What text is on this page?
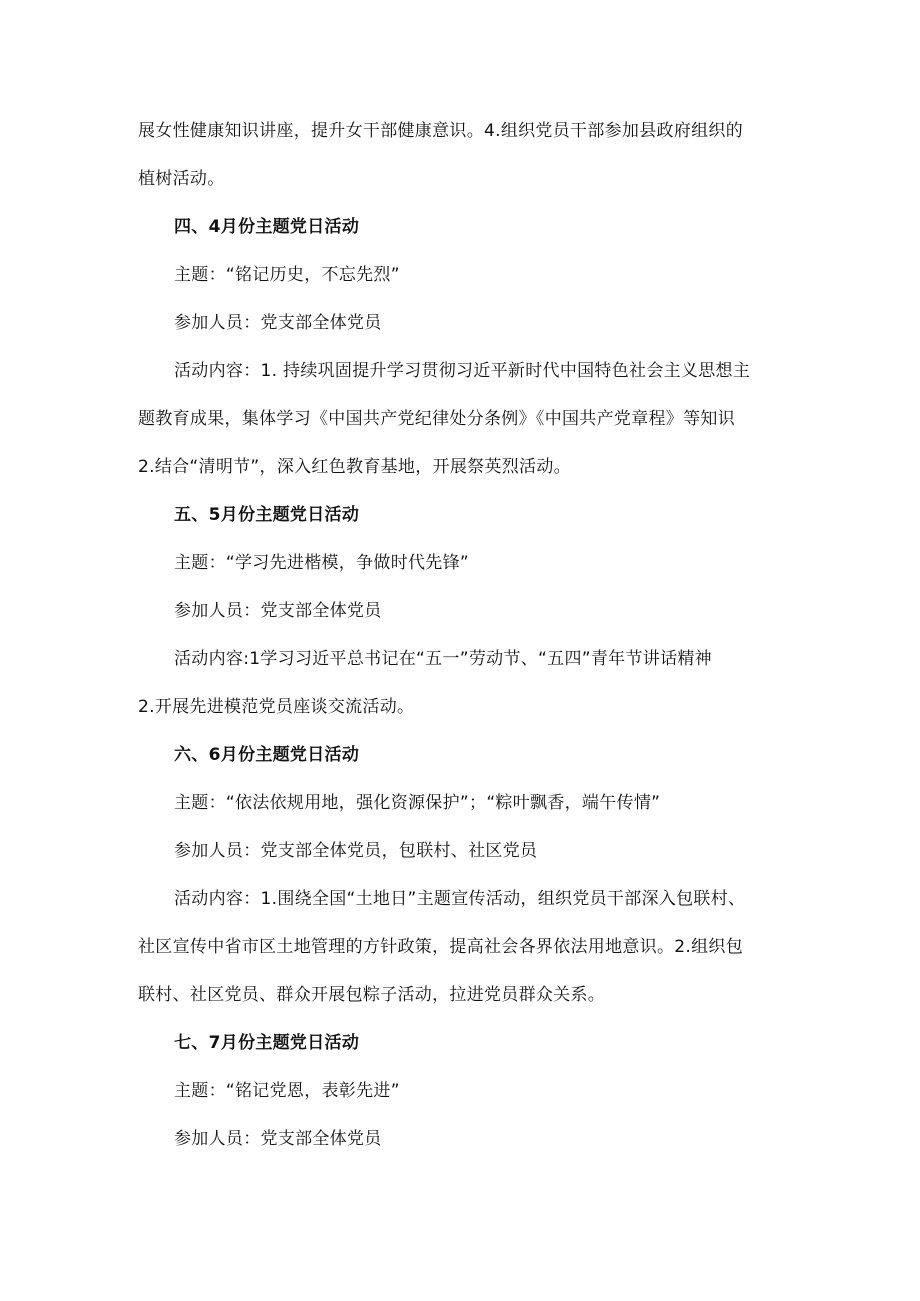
展女性健康知识讲座，提升女干部健康意识。4.组织党员干部参加县政府组织的
植树活动。
四、4月份主题党日活动
主题：“铭记历史，不忘先烈”
参加人员：党支部全体党员
活动内容：1. 持续巩固提升学习贯彻习近平新时代中国特色社会主义思想主
题教育成果，集体学习《中国共产党纪律处分条例》《中国共产党章程》等知识
2.结合“清明节”，深入红色教育基地，开展祭英烈活动。
五、5月份主题党日活动
主题：“学习先进楷模，争做时代先锋”
参加人员：党支部全体党员
活动内容:1学习习近平总书记在“五一”劳动节、“五四”青年节讲话精神
2.开展先进模范党员座谈交流活动。
六、6月份主题党日活动
主题：“依法依规用地，强化资源保护”；“粽叶飘香，端午传情”
参加人员：党支部全体党员，包联村、社区党员
活动内容：1.围绕全国“土地日”主题宣传活动，组织党员干部深入包联村、
社区宣传中省市区土地管理的方针政策，提高社会各界依法用地意识。2.组织包
联村、社区党员、群众开展包粽子活动，拉进党员群众关系。
七、7月份主题党日活动
主题：“铭记党恩，表彰先进”
参加人员：党支部全体党员
